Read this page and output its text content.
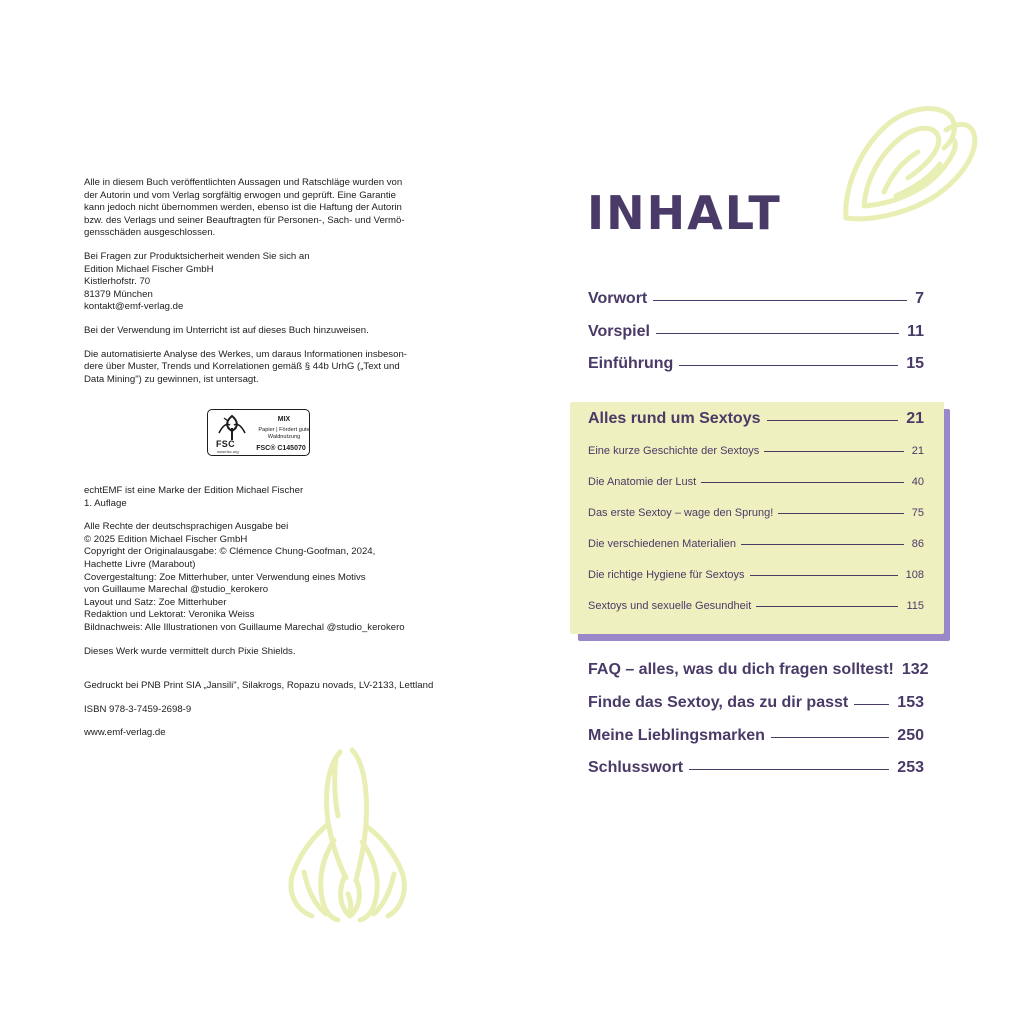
Alle in diesem Buch veröffentlichten Aussagen und Ratschläge wurden von

der Autorin und vom Verlag sorgfältig erwogen und geprüft. Eine Garantie

kann jedoch nicht übernommen werden, ebenso ist die Haftung der Autorin

bzw. des Verlags und seiner Beauftragten für Personen-, Sach- und Vermö-

gensschäden ausgeschlossen.

Bei Fragen zur Produktsicherheit wenden Sie sich an

Edition Michael Fischer GmbH

Kistlerhofstr. 70

81379 München

kontakt@emf-verlag.de

Bei der Verwendung im Unterricht ist auf dieses Buch hinzuweisen.

Die automatisierte Analyse des Werkes, um daraus Informationen insbeson-

dere über Muster, Trends und Korrelationen gemäß § 44b UrhG („Text und

Data Mining") zu gewinnen, ist untersagt.

FSC
www.fsc.org
MIX
Papier | Fördert gute Waldnutzung
FSC® C145070

echtEMF ist eine Marke der Edition Michael Fischer

1. Auflage

Alle Rechte der deutschsprachigen Ausgabe bei

© 2025 Edition Michael Fischer GmbH

Copyright der Originalausgabe: © Clémence Chung-Goofman, 2024,

Hachette Livre (Marabout)

Covergestaltung: Zoe Mitterhuber, unter Verwendung eines Motivs

von Guillaume Marechal @studio_kerokero

Layout und Satz: Zoe Mitterhuber

Redaktion und Lektorat: Veronika Weiss

Bildnachweis: Alle Illustrationen von Guillaume Marechal @studio_kerokero

Dieses Werk wurde vermittelt durch Pixie Shields.

Gedruckt bei PNB Print SIA „Jansili", Silakrogs, Ropazu novads, LV-2133, Lettland

ISBN 978-3-7459-2698-9

www.emf-verlag.de

INHALT
Vorwort	7
Vorspiel	11
Einführung	15
Alles rund um Sextoys	21
Eine kurze Geschichte der Sextoys	21
Die Anatomie der Lust	40
Das erste Sextoy – wage den Sprung!	75
Die verschiedenen Materialien	86
Die richtige Hygiene für Sextoys	108
Sextoys und sexuelle Gesundheit	115
FAQ – alles, was du dich fragen solltest! 132
Finde das Sextoy, das zu dir passt	153
Meine Lieblingsmarken	250
Schlusswort	253
